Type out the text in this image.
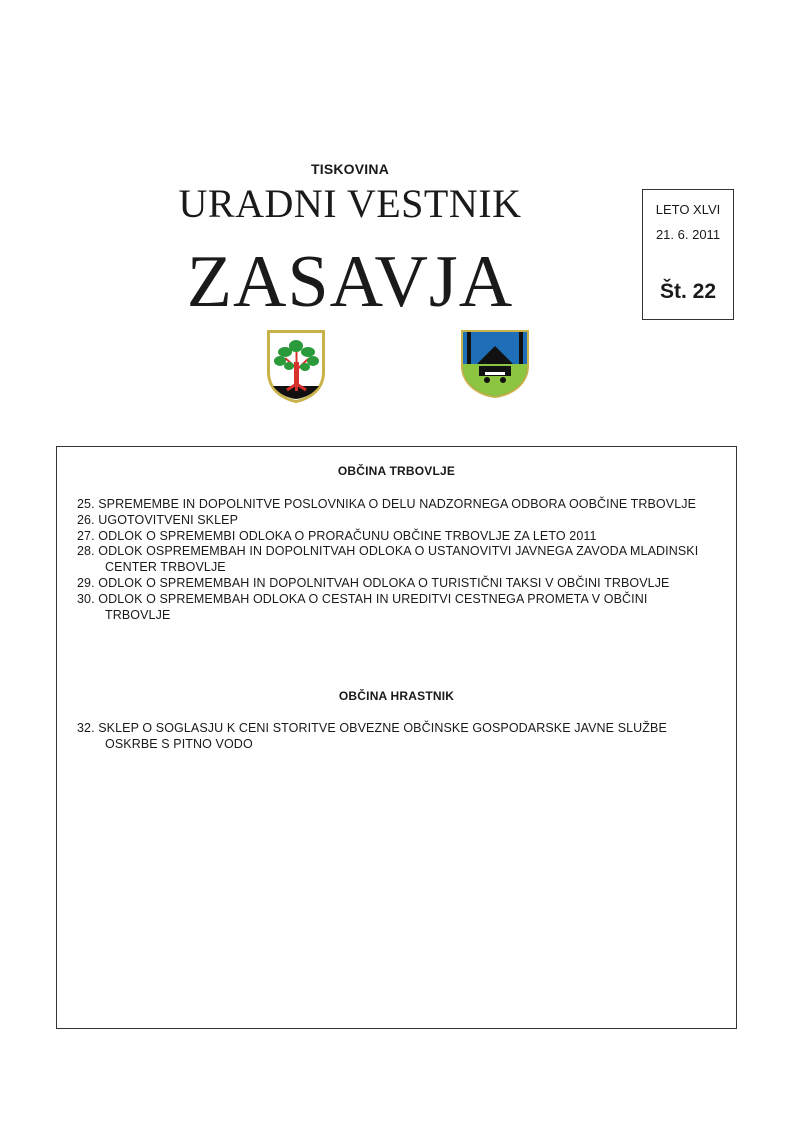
TISKOVINA
URADNI VESTNIK
ZASAVJA
LETO XLVI
21. 6. 2011
Št. 22
OBČINA TRBOVLJE
25. SPREMEMBE IN DOPOLNITVE POSLOVNIKA O DELU NADZORNEGA ODBORA OOBČINE TRBOVLJE
26. UGOTOVITVENI SKLEP
27. ODLOK O SPREMEMBI ODLOKA O PRORAČUNU OBČINE TRBOVLJE ZA LETO 2011
28. ODLOK OSPREMEMBAH IN DOPOLNITVAH ODLOKA O USTANOVITVI JAVNEGA ZAVODA MLADINSKI CENTER TRBOVLJE
29. ODLOK O SPREMEMBAH IN DOPOLNITVAH ODLOKA O TURISTIČNI TAKSI V OBČINI TRBOVLJE
30. ODLOK O SPREMEMBAH ODLOKA O CESTAH IN UREDITVI CESTNEGA PROMETA V OBČINI TRBOVLJE
OBČINA HRASTNIK
32. SKLEP O SOGLASJU K CENI STORITVE OBVEZNE OBČINSKE GOSPODARSKE JAVNE SLUŽBE OSKRBE S PITNO VODO
